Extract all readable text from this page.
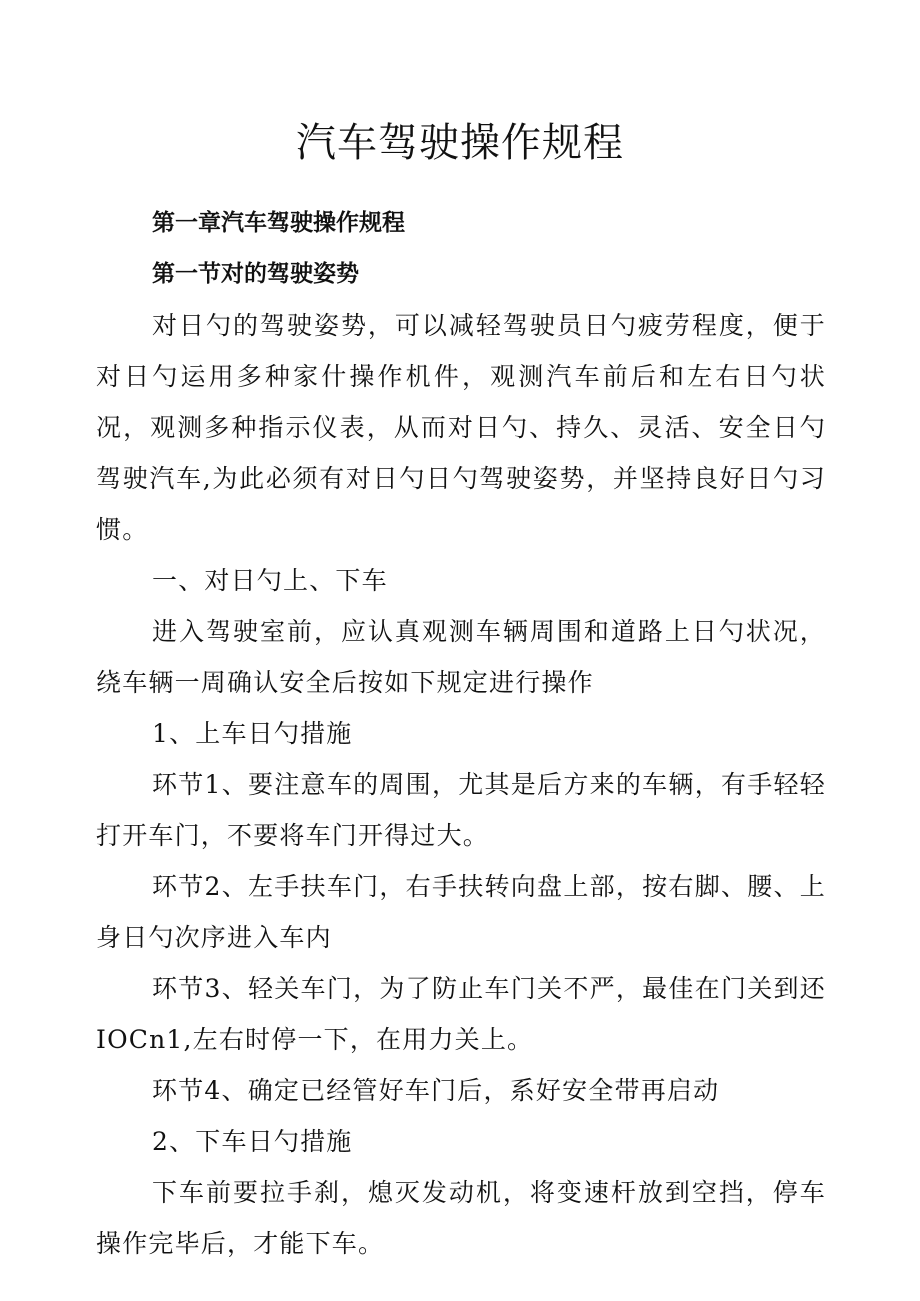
汽车驾驶操作规程

第一章汽车驾驶操作规程

第一节对的驾驶姿势

对日勺的驾驶姿势，可以减轻驾驶员日勺疲劳程度，便于对日勺运用多种家什操作机件，观测汽车前后和左右日勺状况，观测多种指示仪表，从而对日勺、持久、灵活、安全日勺驾驶汽车,为此必须有对日勺日勺驾驶姿势，并坚持良好日勺习惯。

一、对日勺上、下车

进入驾驶室前，应认真观测车辆周围和道路上日勺状况，绕车辆一周确认安全后按如下规定进行操作

1、上车日勺措施

环节1、要注意车的周围，尤其是后方来的车辆，有手轻轻打开车门，不要将车门开得过大。

环节2、左手扶车门，右手扶转向盘上部，按右脚、腰、上身日勺次序进入车内

环节3、轻关车门，为了防止车门关不严，最佳在门关到还IOCn1,左右时停一下，在用力关上。

环节4、确定已经管好车门后，系好安全带再启动

2、下车日勺措施

下车前要拉手刹，熄灭发动机，将变速杆放到空挡，停车操作完毕后，才能下车。
